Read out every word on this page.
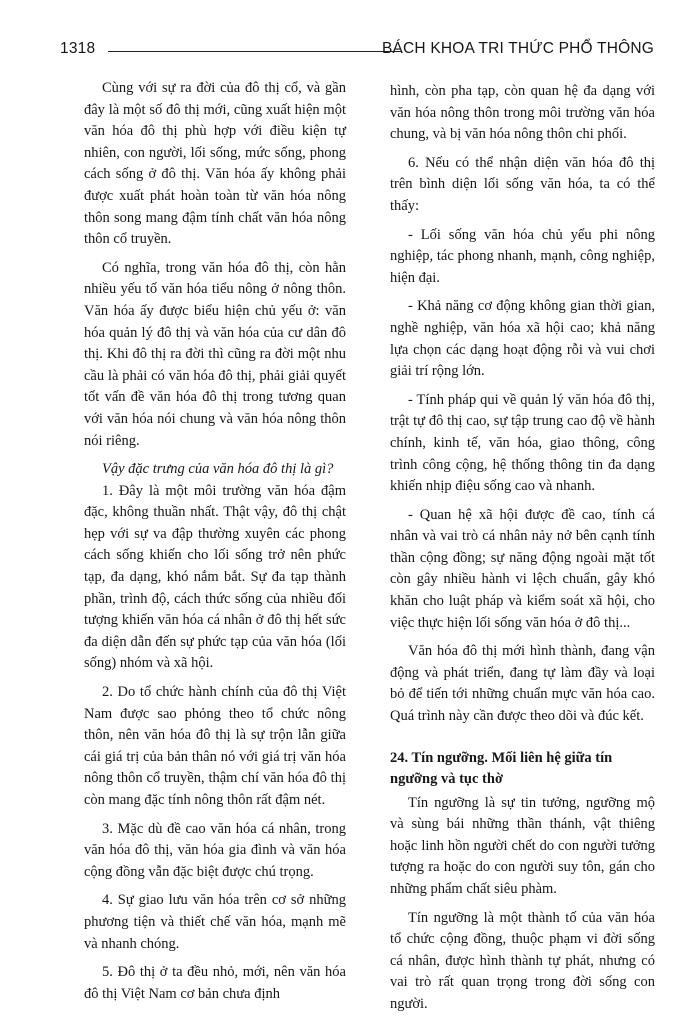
1318	BÁCH KHOA TRI THỨC PHỔ THÔNG

Cùng với sự ra đời của đô thị cổ, và gần đây là một số đô thị mới, cũng xuất hiện một văn hóa đô thị phù hợp với điều kiện tự nhiên, con người, lối sống, mức sống, phong cách sống ở đô thị. Văn hóa ấy không phải được xuất phát hoàn toàn từ văn hóa nông thôn song mang đậm tính chất văn hóa nông thôn cổ truyền.

Có nghĩa, trong văn hóa đô thị, còn hằn nhiều yếu tố văn hóa tiểu nông ở nông thôn. Văn hóa ấy được biểu hiện chủ yếu ở: văn hóa quản lý đô thị và văn hóa của cư dân đô thị. Khi đô thị ra đời thì cũng ra đời một nhu cầu là phải có văn hóa đô thị, phải giải quyết tốt vấn đề văn hóa đô thị trong tương quan với văn hóa nói chung và văn hóa nông thôn nói riêng.

Vậy đặc trưng của văn hóa đô thị là gì?

1. Đây là một môi trường văn hóa đậm đặc, không thuần nhất. Thật vậy, đô thị chật hẹp với sự va đập thường xuyên các phong cách sống khiến cho lối sống trở nên phức tạp, đa dạng, khó nắm bắt. Sự đa tạp thành phần, trình độ, cách thức sống của nhiều đối tượng khiến văn hóa cá nhân ở đô thị hết sức đa diện dẫn đến sự phức tạp của văn hóa (lối sống) nhóm và xã hội.

2. Do tổ chức hành chính của đô thị Việt Nam được sao phỏng theo tổ chức nông thôn, nên văn hóa đô thị là sự trộn lẫn giữa cái giá trị của bản thân nó với giá trị văn hóa nông thôn cổ truyền, thậm chí văn hóa đô thị còn mang đặc tính nông thôn rất đậm nét.

3. Mặc dù đề cao văn hóa cá nhân, trong văn hóa đô thị, văn hóa gia đình và văn hóa cộng đồng vẫn đặc biệt được chú trọng.

4. Sự giao lưu văn hóa trên cơ sở những phương tiện và thiết chế văn hóa, mạnh mẽ và nhanh chóng.

5. Đô thị ở ta đều nhỏ, mới, nên văn hóa đô thị Việt Nam cơ bản chưa định

hình, còn pha tạp, còn quan hệ đa dạng với văn hóa nông thôn trong môi trường văn hóa chung, và bị văn hóa nông thôn chi phối.

6. Nếu có thể nhận diện văn hóa đô thị trên bình diện lối sống văn hóa, ta có thể thấy:

- Lối sống văn hóa chủ yếu phi nông nghiệp, tác phong nhanh, mạnh, công nghiệp, hiện đại.

- Khả năng cơ động không gian thời gian, nghề nghiệp, văn hóa xã hội cao; khả năng lựa chọn các dạng hoạt động rỗi và vui chơi giải trí rộng lớn.

- Tính pháp qui về quản lý văn hóa đô thị, trật tự đô thị cao, sự tập trung cao độ về hành chính, kinh tế, văn hóa, giao thông, công trình công cộng, hệ thống thông tin đa dạng khiến nhịp điệu sống cao và nhanh.

- Quan hệ xã hội được đề cao, tính cá nhân và vai trò cá nhân nảy nở bên cạnh tính thần cộng đồng; sự năng động ngoài mặt tốt còn gây nhiều hành vi lệch chuẩn, gây khó khăn cho luật pháp và kiểm soát xã hội, cho việc thực hiện lối sống văn hóa ở đô thị...

Văn hóa đô thị mới hình thành, đang vận động và phát triển, đang tự làm đầy và loại bỏ để tiến tới những chuẩn mực văn hóa cao. Quá trình này cần được theo dõi và đúc kết.

24. Tín ngưỡng. Mối liên hệ giữa tín ngưỡng và tục thờ

Tín ngưỡng là sự tin tưởng, ngưỡng mộ và sùng bái những thần thánh, vật thiêng hoặc linh hồn người chết do con người tưởng tượng ra hoặc do con người suy tôn, gán cho những phẩm chất siêu phàm.

Tín ngưỡng là một thành tố của văn hóa tổ chức cộng đồng, thuộc phạm vi đời sống cá nhân, được hình thành tự phát, nhưng có vai trò rất quan trọng trong đời sống con người.
